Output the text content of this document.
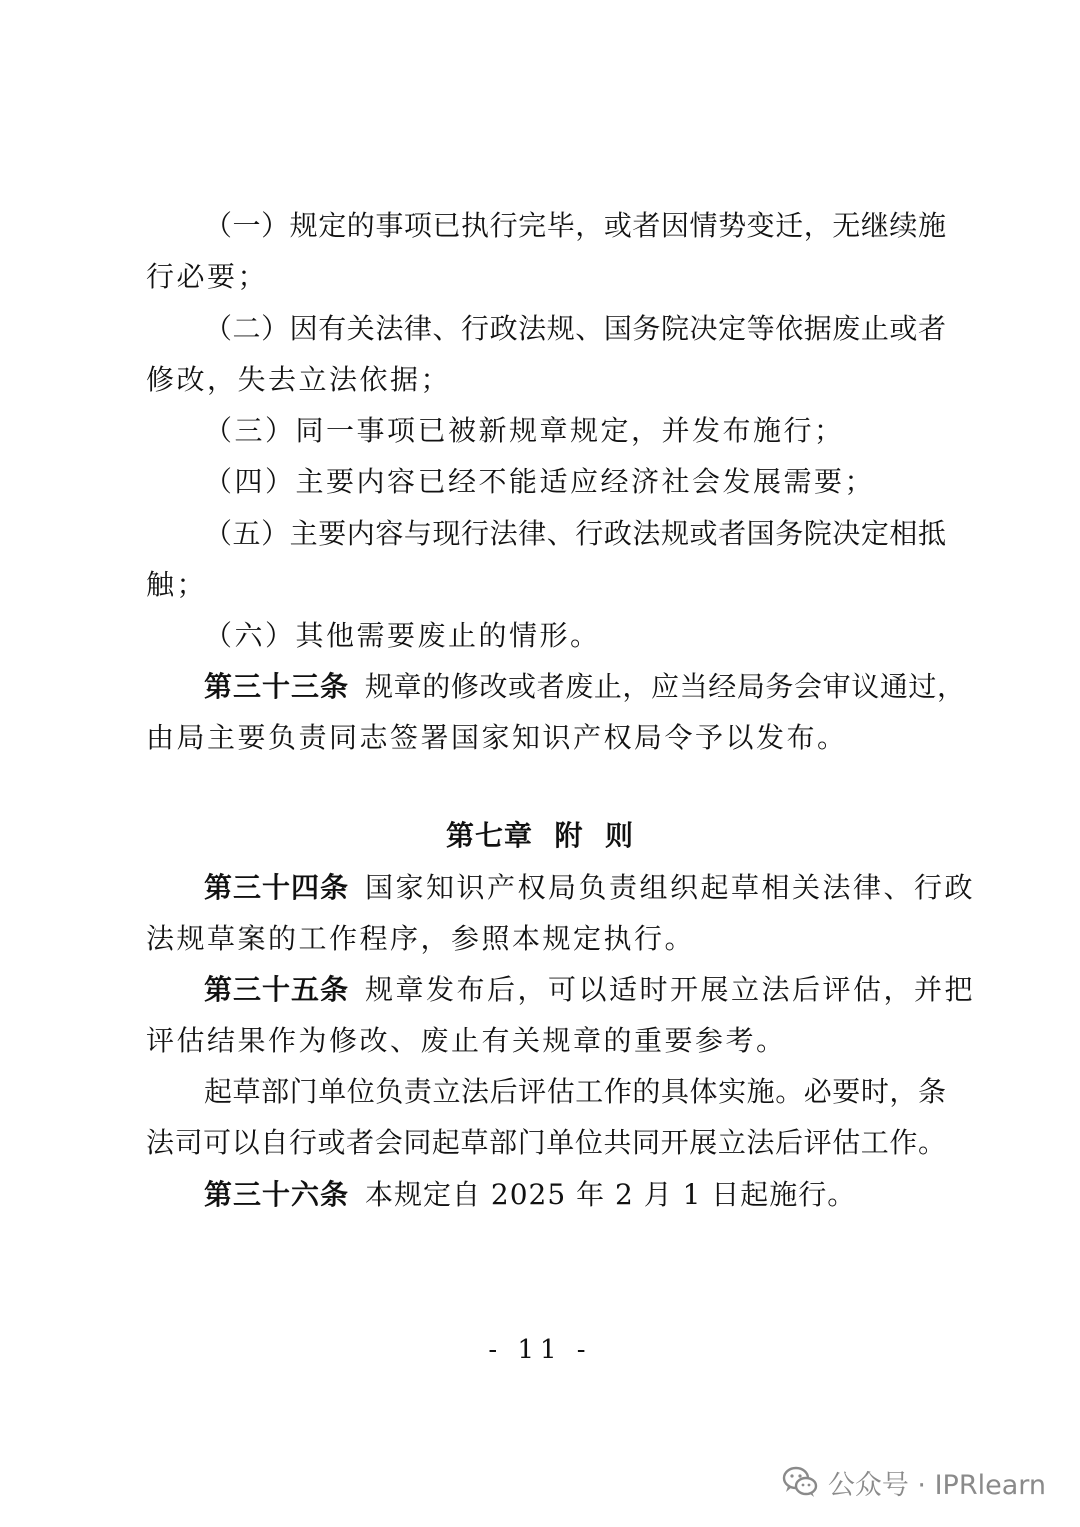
（一）规定的事项已执行完毕，或者因情势变迁，无继续施
行必要；
（二）因有关法律、行政法规、国务院决定等依据废止或者
修改，失去立法依据；
（三）同一事项已被新规章规定，并发布施行；
（四）主要内容已经不能适应经济社会发展需要；
（五）主要内容与现行法律、行政法规或者国务院决定相抵
触；
（六）其他需要废止的情形。
第三十三条 规章的修改或者废止，应当经局务会审议通过，
由局主要负责同志签署国家知识产权局令予以发布。
第七章  附  则
第三十四条 国家知识产权局负责组织起草相关法律、行政
法规草案的工作程序，参照本规定执行。
第三十五条 规章发布后，可以适时开展立法后评估，并把
评估结果作为修改、废止有关规章的重要参考。
起草部门单位负责立法后评估工作的具体实施。必要时，条
法司可以自行或者会同起草部门单位共同开展立法后评估工作。
第三十六条 本规定自 2025 年 2 月 1 日起施行。
- 11 -
公众号 · IPRlearn
